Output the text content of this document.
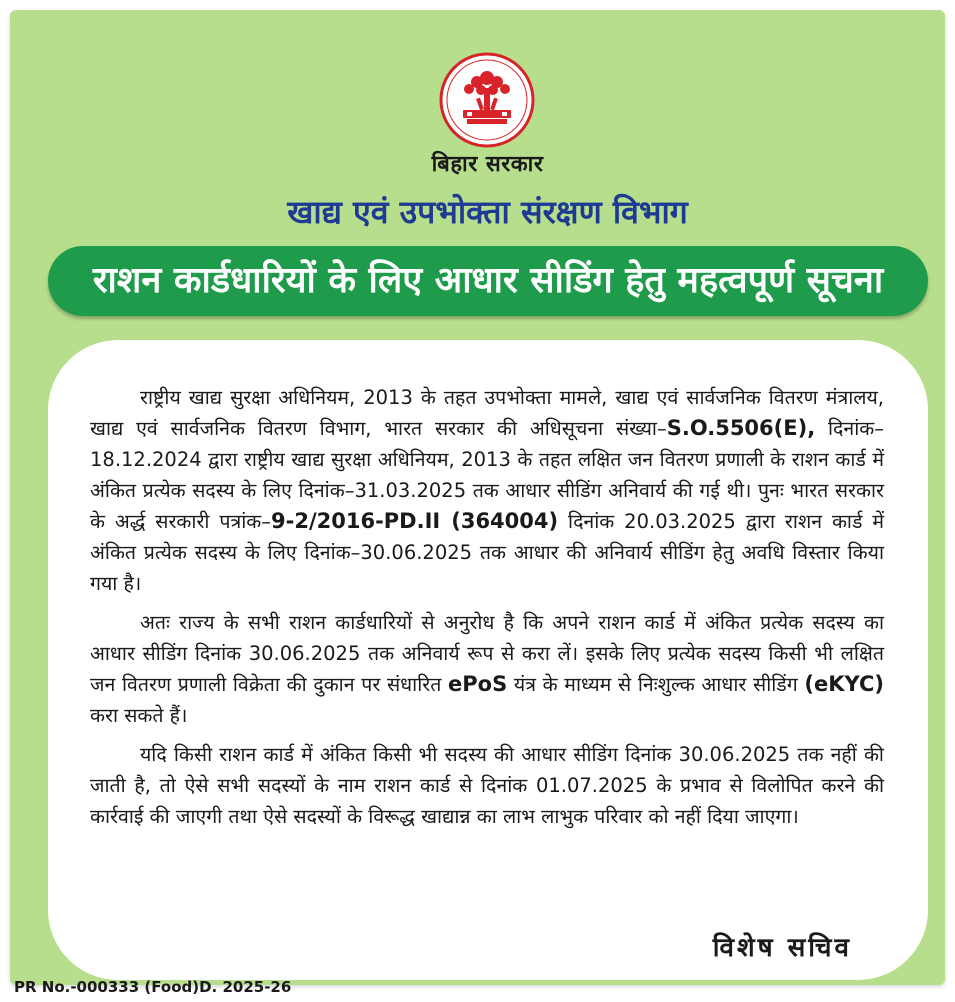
बिहार सरकार
खाद्य एवं उपभोक्ता संरक्षण विभाग
राशन कार्डधारियों के लिए आधार सीडिंग हेतु महत्वपूर्ण सूचना

राष्ट्रीय खाद्य सुरक्षा अधिनियम, 2013 के तहत उपभोक्ता मामले, खाद्य एवं सार्वजनिक वितरण मंत्रालय, खाद्य एवं सार्वजनिक वितरण विभाग, भारत सरकार की अधिसूचना संख्या–S.O.5506(E), दिनांक–18.12.2024 द्वारा राष्ट्रीय खाद्य सुरक्षा अधिनियम, 2013 के तहत लक्षित जन वितरण प्रणाली के राशन कार्ड में अंकित प्रत्येक सदस्य के लिए दिनांक–31.03.2025 तक आधार सीडिंग अनिवार्य की गई थी। पुनः भारत सरकार के अर्द्ध सरकारी पत्रांक–9-2/2016-PD.II (364004) दिनांक 20.03.2025 द्वारा राशन कार्ड में अंकित प्रत्येक सदस्य के लिए दिनांक–30.06.2025 तक आधार की अनिवार्य सीडिंग हेतु अवधि विस्तार किया गया है।

अतः राज्य के सभी राशन कार्डधारियों से अनुरोध है कि अपने राशन कार्ड में अंकित प्रत्येक सदस्य का आधार सीडिंग दिनांक 30.06.2025 तक अनिवार्य रूप से करा लें। इसके लिए प्रत्येक सदस्य किसी भी लक्षित जन वितरण प्रणाली विक्रेता की दुकान पर संधारित ePoS यंत्र के माध्यम से निःशुल्क आधार सीडिंग (eKYC) करा सकते हैं।

यदि किसी राशन कार्ड में अंकित किसी भी सदस्य की आधार सीडिंग दिनांक 30.06.2025 तक नहीं की जाती है, तो ऐसे सभी सदस्यों के नाम राशन कार्ड से दिनांक 01.07.2025 के प्रभाव से विलोपित करने की कार्रवाई की जाएगी तथा ऐसे सदस्यों के विरूद्ध खाद्यान्न का लाभ लाभुक परिवार को नहीं दिया जाएगा।

विशेष सचिव
PR No.-000333 (Food)D. 2025-26
